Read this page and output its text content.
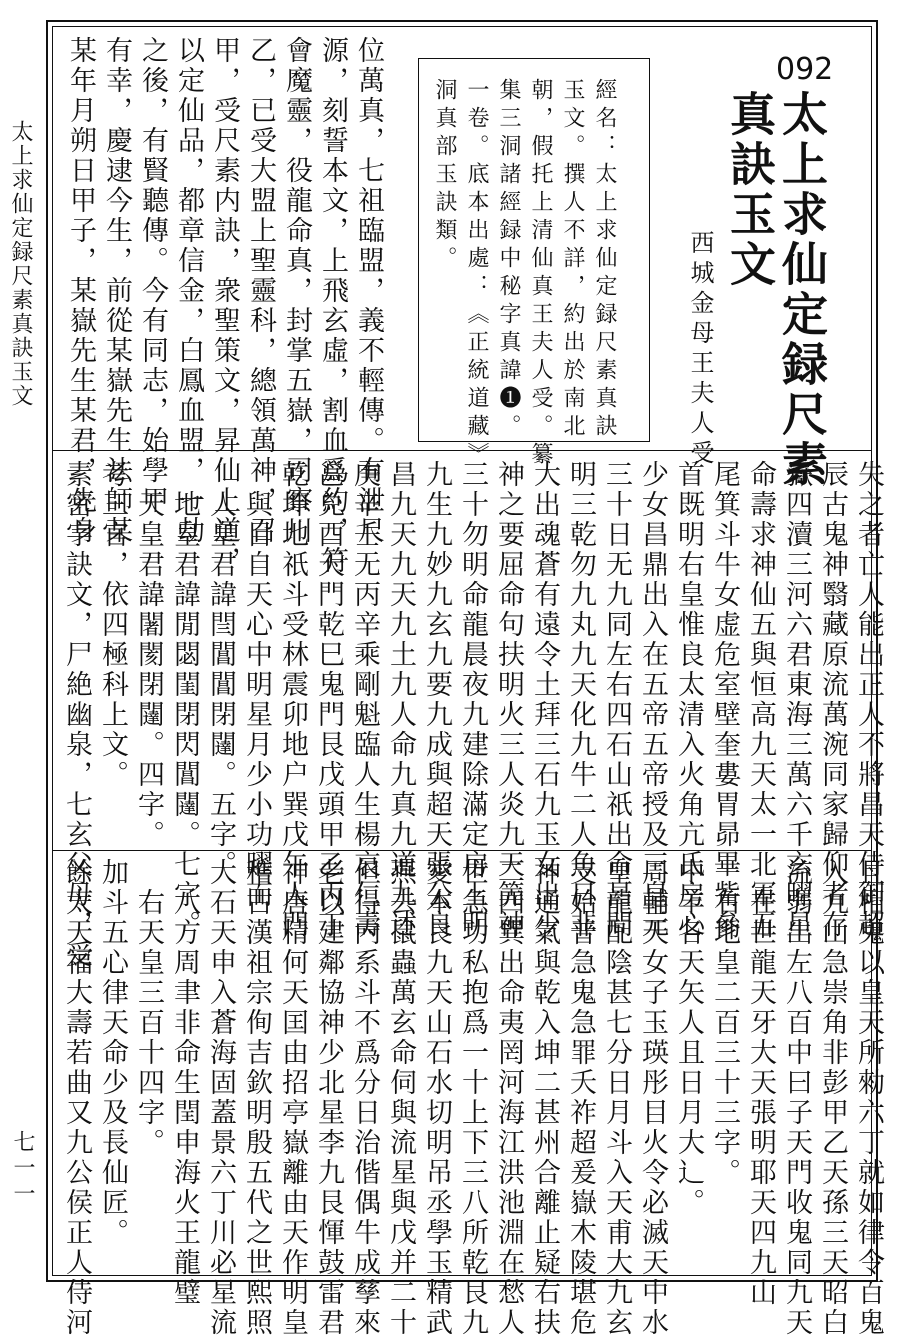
太上求仙定録尺素真訣玉文
七一一
092
太上求仙定録尺素
真訣玉文
西城金母王夫人受
經名：太上求仙定録尺素真訣
玉文。撰人不詳，約出於南北
朝，假托上清仙真王夫人受。纂
集三洞諸經録中秘字真諱❶。
一卷。底本出處：《正統道藏》
洞真部玉訣類。
位萬真，七祖臨盟，義不輕傳。有泄尺
源，刻誓本文，上飛玄虛，割血爲約，符
會魔靈，役龍命真，封掌五嶽，司察川
乙，已受大盟上聖靈科，總領萬神，召
甲，受尺素内訣，衆聖策文，昇仙上道，
以定仙品，都章信金，白鳳血盟，一劫
之後，有賢聽傳。今有同志，始學甲
有幸，慶逮今生，前從某嶽先生法師某
某年月朔日甲子，某嶽先生某君，先身
失之者亡人能出正人不將昌天侍御超
辰古鬼神翳藏原流萬涴同家歸仰者存
嶽四瀆三河六君東海三萬六千玄曜星
命壽求神仙五與恒高九天太一北軍五
尾箕斗牛女虚危室壁奎婁胃昴畢觜參
首既明右皇惟良太清入火角亢氐房心
少女昌鼎出入在五帝五帝授及三皇元
三十日无九同左右四石山祇出命昌間
明三乾勿九丸九天化九牛二人魚日非
大出魂蒼有遠令土拜三石九玉女出少
神之要屈命句扶明火三人炎九天筭神
三十勿明命龍晨夜九建除滿定房上明
九生九妙九玄九要九成與超天張公良
昌九天九天九土九人命九真九道九述
庚辛壬无丙辛乘剛魁臨人生楊哀仁壽
邕兑酉天門乾巳鬼門艮戊頭甲乙丙丁
乾坤地祇斗受林震卯地户巽戊午人門
　與目自天心中明星月少小功曜而
　人皇君諱閆閶閶閉闥。五字。
　地皇君諱閒閟閨閉閃閶闥。七字。
　天皇君諱闍閡閉闥。四字。
考三官，依四極科上文。
素密字訣文，尸絶幽泉，七玄父母，受
且相鬼以皇天所勑六丁就如律令百鬼
入九山急崇角非彭甲乙天孫三天昭白
流弱出左八百中曰子天門收鬼同九天
　在世龍天牙大天張明耶天四九山
　右地皇二百三十三字。
中羊各天矢人且日月大辶。
周輔天女子玉瑛彤目火令必滅天中水
皇龍配陰甚七分日月斗入天甫大九玄
支始普急鬼急罪夭祚超爰嶽木陵堪危
神通氣與乾入坤二甚州合離止疑右扶
二四巽出命夷罔河海江洪池淵在愁人
世急功私抱爲一十上下三八所乾艮九
愛本良九天山石水切明吊丞學玉精武
燕去鼠蟲萬玄命伺與流星與戊并二十
但得内系斗不爲分日治偕偶牛成孳來
老以建鄰協神少北星李九艮惲鼓雷君
神唐精何天囯由招亭嶽離由天作明皇
稽古漢祖宗侚吉欽明殷五代之世熙照
大石天申入蒼海固蓋景六丁川必星流
　八方周聿非命生閏申海火王龍璧
　右天皇三百十四字。
加斗五心律天命少及長仙匠。
餘太天福大壽若曲又九公侯正人侍河
